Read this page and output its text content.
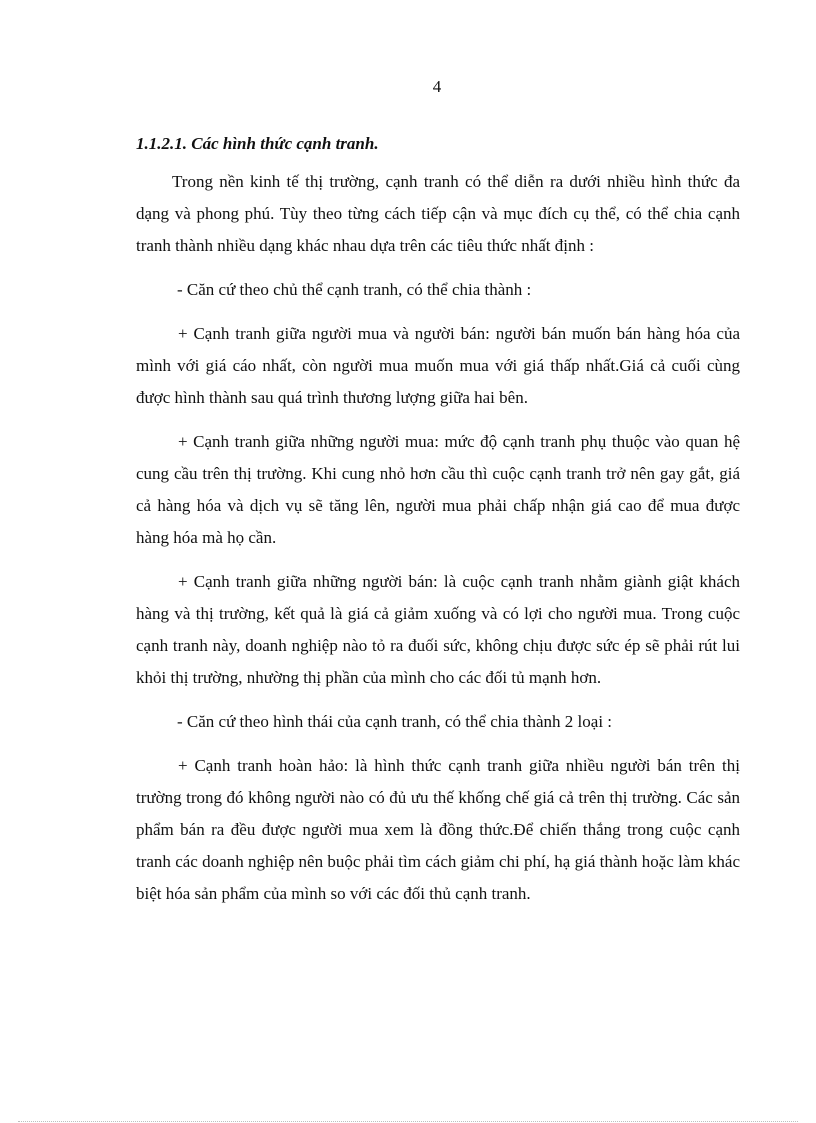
4
1.1.2.1. Các hình thức cạnh tranh.

Trong nền kinh tế thị trường, cạnh tranh có thể diễn ra dưới nhiều hình thức đa dạng và phong phú. Tùy theo từng cách tiếp cận và mục đích cụ thể, có thể chia cạnh tranh thành nhiều dạng khác nhau dựa trên các tiêu thức nhất định :

- Căn cứ theo chủ thể cạnh tranh, có thể chia thành :

+ Cạnh tranh giữa người mua và người bán: người bán muốn bán hàng hóa của mình với giá cáo nhất, còn người mua muốn mua với giá thấp nhất.Giá cả cuối cùng được hình thành sau quá trình thương lượng giữa hai bên.

+ Cạnh tranh giữa những người mua: mức độ cạnh tranh phụ thuộc vào quan hệ cung cầu trên thị trường. Khi cung nhỏ hơn cầu thì cuộc cạnh tranh trở nên gay gắt, giá cả hàng hóa và dịch vụ sẽ tăng lên, người mua phải chấp nhận giá cao để mua được hàng hóa mà họ cần.

+ Cạnh tranh giữa những người bán: là cuộc cạnh tranh nhằm giành giật khách hàng và thị trường, kết quả là giá cả giảm xuống và có lợi cho người mua. Trong cuộc cạnh tranh này, doanh nghiệp nào tỏ ra đuối sức, không chịu được sức ép sẽ phải rút lui khỏi thị trường, nhường thị phần của mình cho các đối tủ mạnh hơn.

- Căn cứ theo hình thái của cạnh tranh, có thể chia thành 2 loại :

+ Cạnh tranh hoàn hảo: là hình thức cạnh tranh giữa nhiều người bán trên thị trường trong đó không người nào có đủ ưu thế khống chế giá cả trên thị trường. Các sản phẩm bán ra đều được người mua xem là đồng thức.Để chiến thắng trong cuộc cạnh tranh các doanh nghiệp nên buộc phải tìm cách giảm chi phí, hạ giá thành hoặc làm khác biệt hóa sản phẩm của mình so với các đối thủ cạnh tranh.
